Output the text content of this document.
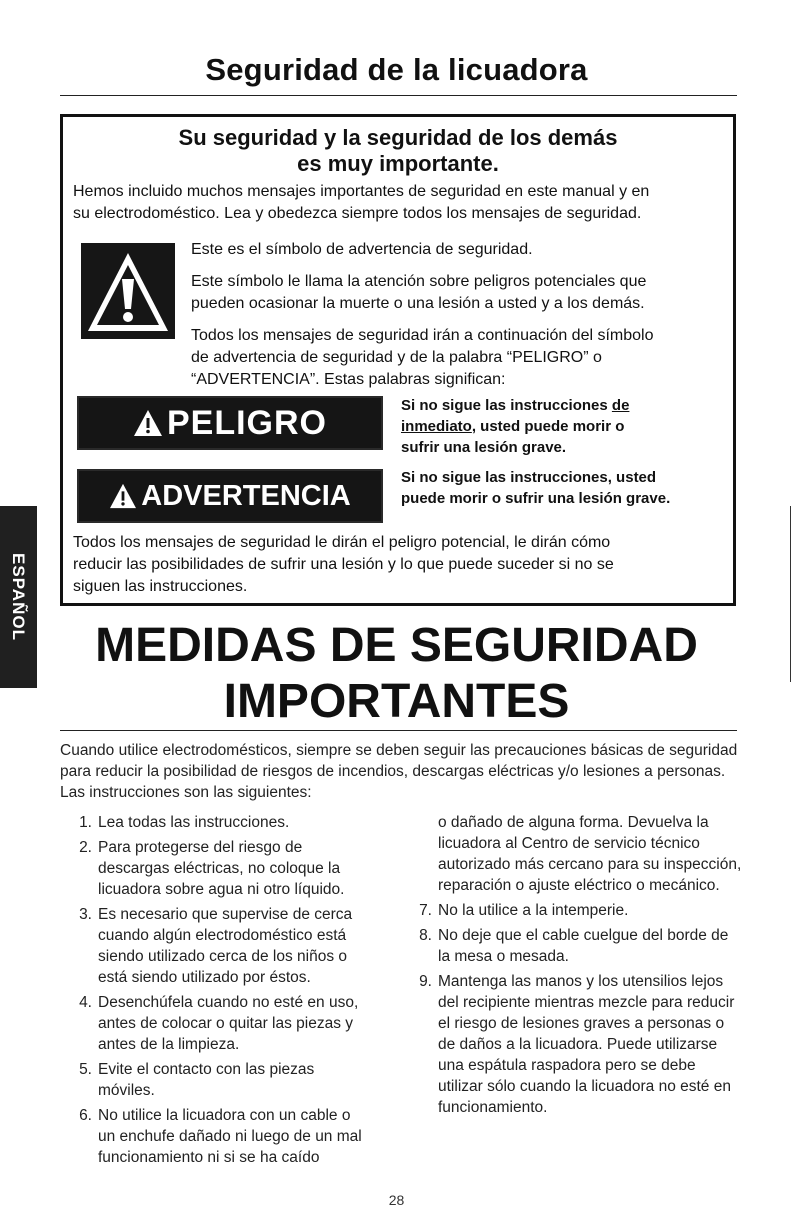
Seguridad de la licuadora
Su seguridad y la seguridad de los demás
es muy importante.
Hemos incluido muchos mensajes importantes de seguridad en este manual y en
su electrodoméstico. Lea y obedezca siempre todos los mensajes de seguridad.
Este es el símbolo de advertencia de seguridad.
Este símbolo le llama la atención sobre peligros potenciales que
pueden ocasionar la muerte o una lesión a usted y a los demás.
Todos los mensajes de seguridad irán a continuación del símbolo
de advertencia de seguridad y de la palabra “PELIGRO” o
“ADVERTENCIA”. Estas palabras significan:
PELIGRO	Si no sigue las instrucciones de
inmediato, usted puede morir o
sufrir una lesión grave.
ADVERTENCIA
Si no sigue las instrucciones, usted
puede morir o sufrir una lesión grave.
Todos los mensajes de seguridad le dirán el peligro potencial, le dirán cómo
reducir las posibilidades de sufrir una lesión y lo que puede suceder si no se
siguen las instrucciones.
ESPAÑOL
MEDIDAS DE SEGURIDAD
IMPORTANTES
Cuando utilice electrodomésticos, siempre se deben seguir las precauciones básicas de seguridad para reducir la posibilidad de riesgos de incendios, descargas eléctricas y/o lesiones a personas. Las instrucciones son las siguientes:
1. Lea todas las instrucciones.
2. Para protegerse del riesgo de descargas eléctricas, no coloque la licuadora sobre agua ni otro líquido.
3. Es necesario que supervise de cerca cuando algún electrodoméstico está siendo utilizado cerca de los niños o está siendo utilizado por éstos.
4. Desenchúfela cuando no esté en uso, antes de colocar o quitar las piezas y antes de la limpieza.
5. Evite el contacto con las piezas móviles.
6. No utilice la licuadora con un cable o un enchufe dañado ni luego de un mal funcionamiento ni si se ha caído
o dañado de alguna forma. Devuelva la licuadora al Centro de servicio técnico autorizado más cercano para su inspección, reparación o ajuste eléctrico o mecánico.
7. No la utilice a la intemperie.
8. No deje que el cable cuelgue del borde de la mesa o mesada.
9. Mantenga las manos y los utensilios lejos del recipiente mientras mezcle para reducir el riesgo de lesiones graves a personas o de daños a la licuadora. Puede utilizarse una espátula raspadora pero se debe utilizar sólo cuando la licuadora no esté en funcionamiento.
28
